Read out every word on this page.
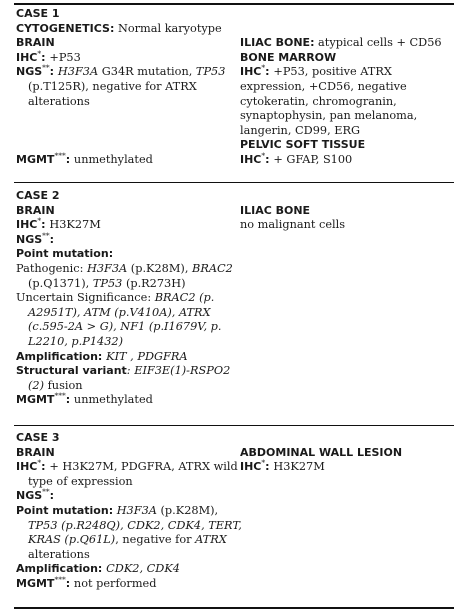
CASE 1
CYTOGENETICS: Normal karyotype
BRAIN
IHC*: +P53
NGS**: H3F3A G34R mutation, TP53
(p.T125R), negative for ATRX
alterations
MGMT***: unmethylated
ILIAC BONE: atypical cells + CD56
BONE MARROW
IHC*: +P53, positive ATRX
expression, +CD56, negative
cytokeratin, chromogranin,
synaptophysin, pan melanoma,
langerin, CD99, ERG
PELVIC SOFT TISSUE
IHC*: + GFAP, S100
CASE 2
BRAIN
IHC*: H3K27M
NGS**:
Point mutation:
Pathogenic: H3F3A (p.K28M), BRAC2
(p.Q1371), TP53 (p.R273H)
Uncertain Significance: BRAC2 (p.
A2951T), ATM (p.V410A), ATRX
(c.595-2A > G), NF1 (p.I1679V, p.
L2210, p.P1432)
Amplification: KIT , PDGFRA
Structural variant: EIF3E(1)-RSPO2
(2) fusion
MGMT***: unmethylated
ILIAC BONE
no malignant cells
CASE 3
BRAIN
IHC*: + H3K27M, PDGFRA, ATRX wild
type of expression
NGS**:
Point mutation: H3F3A (p.K28M),
TP53 (p.R248Q), CDK2, CDK4, TERT,
KRAS (p.Q61L), negative for ATRX
alterations
Amplification: CDK2, CDK4
MGMT***: not performed
ABDOMINAL WALL LESION
IHC*: H3K27M
